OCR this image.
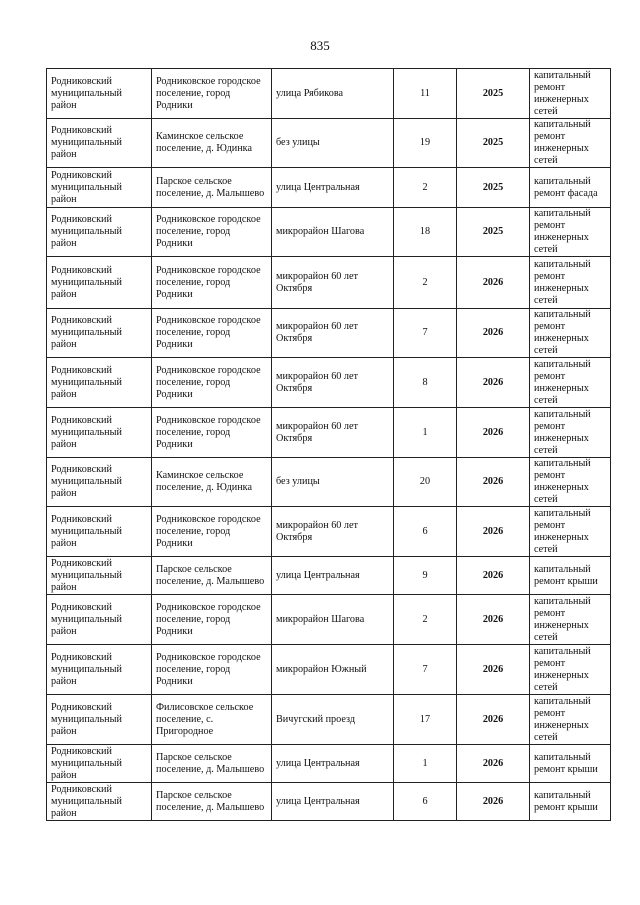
835
Родниковский муниципальный район	Родниковское городское поселение, город Родники	улица Рябикова	11	2025	капитальный ремонт инженерных сетей

Родниковский муниципальный район	Каминское сельское поселение, д. Юдинка	без улицы	19	2025	капитальный ремонт инженерных сетей

Родниковский муниципальный район	Парское сельское поселение, д. Малышево	улица Центральная	2	2025	капитальный ремонт фасада

Родниковский муниципальный район	Родниковское городское поселение, город Родники	микрорайон Шагова	18	2025	капитальный ремонт инженерных сетей

Родниковский муниципальный район	Родниковское городское поселение, город Родники	микрорайон 60 лет Октября	2	2026	капитальный ремонт инженерных сетей

Родниковский муниципальный район	Родниковское городское поселение, город Родники	микрорайон 60 лет Октября	7	2026	капитальный ремонт инженерных сетей

Родниковский муниципальный район	Родниковское городское поселение, город Родники	микрорайон 60 лет Октября	8	2026	капитальный ремонт инженерных сетей

Родниковский муниципальный район	Родниковское городское поселение, город Родники	микрорайон 60 лет Октября	1	2026	капитальный ремонт инженерных сетей

Родниковский муниципальный район	Каминское сельское поселение, д. Юдинка	без улицы	20	2026	капитальный ремонт инженерных сетей

Родниковский муниципальный район	Родниковское городское поселение, город Родники	микрорайон 60 лет Октября	6	2026	капитальный ремонт инженерных сетей

Родниковский муниципальный район	Парское сельское поселение, д. Малышево	улица Центральная	9	2026	капитальный ремонт крыши

Родниковский муниципальный район	Родниковское городское поселение, город Родники	микрорайон Шагова	2	2026	капитальный ремонт инженерных сетей

Родниковский муниципальный район	Родниковское городское поселение, город Родники	микрорайон Южный	7	2026	капитальный ремонт инженерных сетей

Родниковский муниципальный район	Филисовское сельское поселение, с. Пригородное	Вичугский проезд	17	2026	капитальный ремонт инженерных сетей

Родниковский муниципальный район	Парское сельское поселение, д. Малышево	улица Центральная	1	2026	капитальный ремонт крыши

Родниковский муниципальный район	Парское сельское поселение, д. Малышево	улица Центральная	6	2026	капитальный ремонт крыши
